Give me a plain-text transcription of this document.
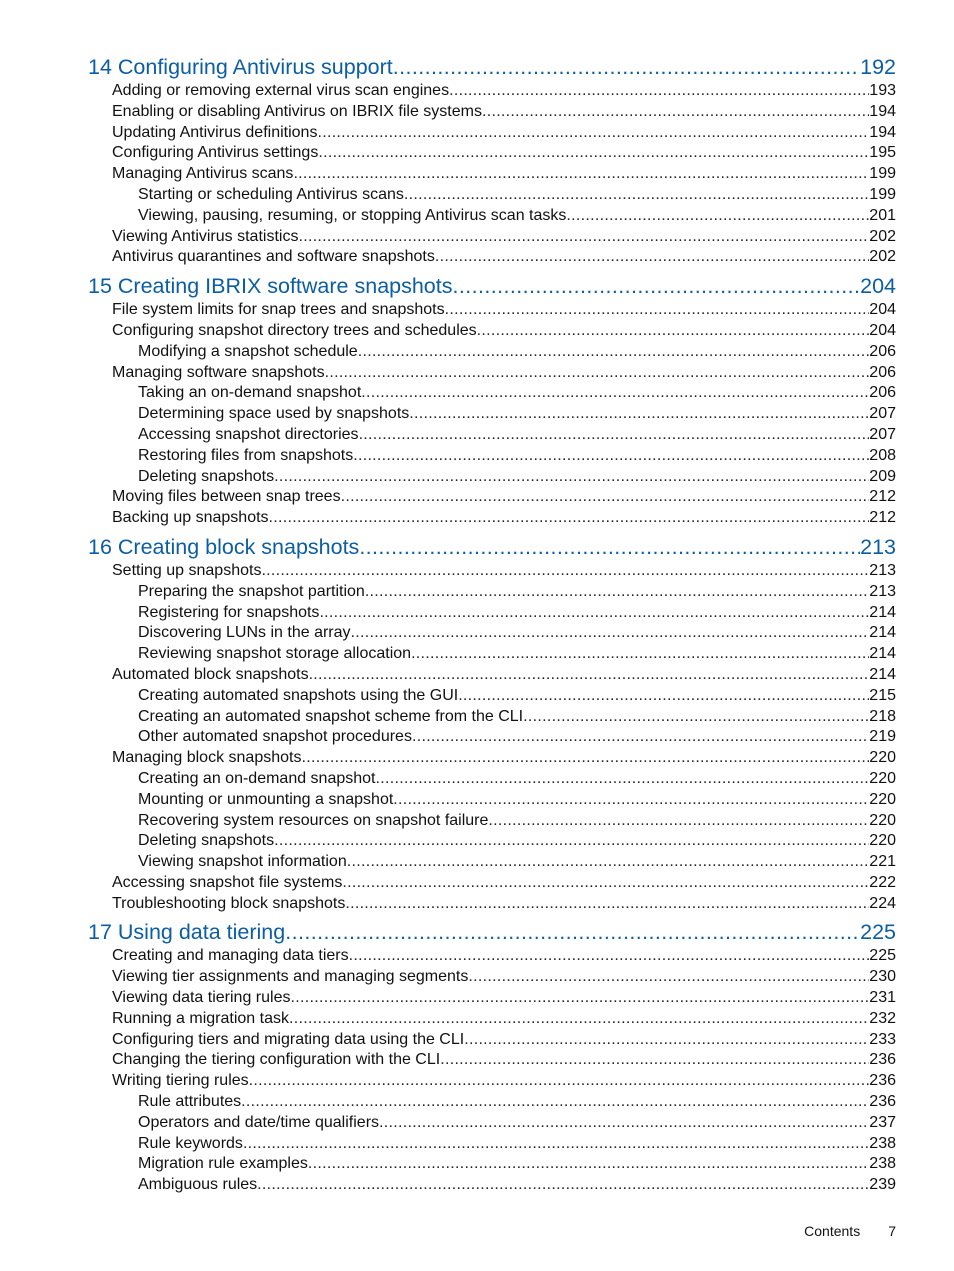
14 Configuring Antivirus support .....	192
Adding or removing external virus scan engines .....	193
Enabling or disabling Antivirus on IBRIX file systems .....	194
Updating Antivirus definitions .....	194
Configuring Antivirus settings .....	195
Managing Antivirus scans .....	199
Starting or scheduling Antivirus scans .....	199
Viewing, pausing, resuming, or stopping Antivirus scan tasks .....	201
Viewing Antivirus statistics .....	202
Antivirus quarantines and software snapshots .....	202
15 Creating IBRIX software snapshots .....	204
File system limits for snap trees and snapshots .....	204
Configuring snapshot directory trees and schedules .....	204
Modifying a snapshot schedule .....	206
Managing software snapshots .....	206
Taking an on-demand snapshot .....	206
Determining space used by snapshots .....	207
Accessing snapshot directories .....	207
Restoring files from snapshots .....	208
Deleting snapshots .....	209
Moving files between snap trees .....	212
Backing up snapshots .....	212
16 Creating block snapshots .....	213
Setting up snapshots .....	213
Preparing the snapshot partition .....	213
Registering for snapshots .....	214
Discovering LUNs in the array .....	214
Reviewing snapshot storage allocation .....	214
Automated block snapshots .....	214
Creating automated snapshots using the GUI .....	215
Creating an automated snapshot scheme from the CLI .....	218
Other automated snapshot procedures .....	219
Managing block snapshots .....	220
Creating an on-demand snapshot .....	220
Mounting or unmounting a snapshot .....	220
Recovering system resources on snapshot failure .....	220
Deleting snapshots .....	220
Viewing snapshot information .....	221
Accessing snapshot file systems .....	222
Troubleshooting block snapshots .....	224
17 Using data tiering .....	225
Creating and managing data tiers .....	225
Viewing tier assignments and managing segments .....	230
Viewing data tiering rules .....	231
Running a migration task .....	232
Configuring tiers and migrating data using the CLI .....	233
Changing the tiering configuration with the CLI .....	236
Writing tiering rules .....	236
Rule attributes .....	236
Operators and date/time qualifiers .....	237
Rule keywords .....	238
Migration rule examples .....	238
Ambiguous rules .....	239
Contents 7
